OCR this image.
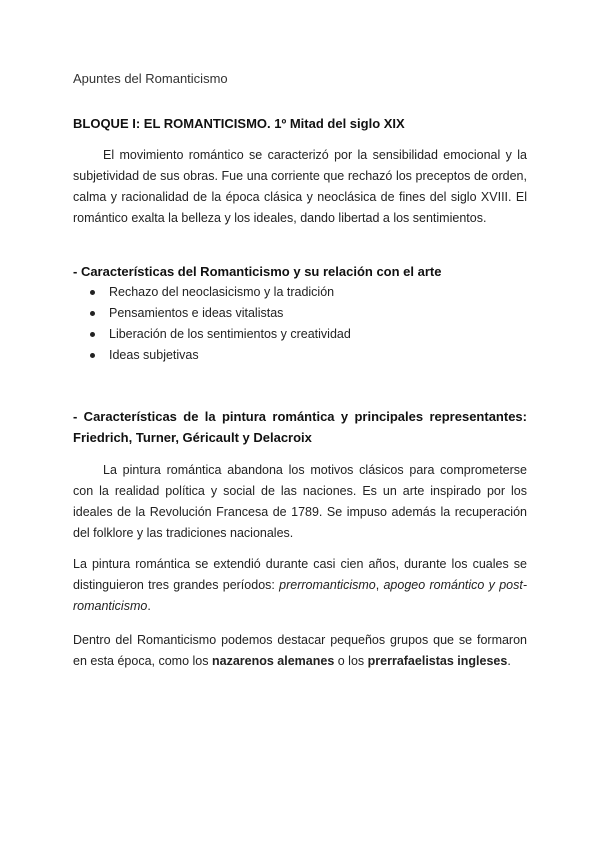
Apuntes del Romanticismo
BLOQUE I: EL ROMANTICISMO. 1º Mitad del siglo XIX

El movimiento romántico se caracterizó por la sensibilidad emocional y la subjetividad de sus obras. Fue una corriente que rechazó los preceptos de orden, calma y racionalidad de la época clásica y neoclásica de fines del siglo XVIII. El romántico exalta la belleza y los ideales, dando libertad a los sentimientos.

- Características del Romanticismo y su relación con el arte
Rechazo del neoclasicismo y la tradición
Pensamientos e ideas vitalistas
Liberación de los sentimientos y creatividad
Ideas subjetivas
- Características de la pintura romántica y principales representantes: Friedrich, Turner, Géricault y Delacroix

La pintura romántica abandona los motivos clásicos para comprometerse con la realidad política y social de las naciones. Es un arte inspirado por los ideales de la Revolución Francesa de 1789. Se impuso además la recuperación del folklore y las tradiciones nacionales.

La pintura romántica se extendió durante casi cien años, durante los cuales se distinguieron tres grandes períodos: prerromanticismo, apogeo romántico y post-romanticismo.

Dentro del Romanticismo podemos destacar pequeños grupos que se formaron en esta época, como los nazarenos alemanes o los prerrafaelistas ingleses.
